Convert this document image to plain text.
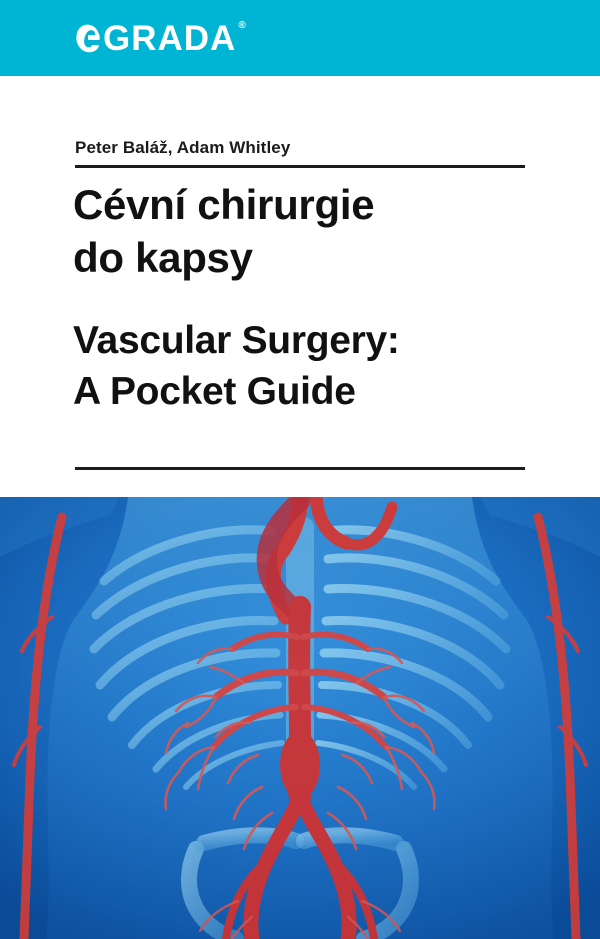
GRADA ®
Peter Baláž, Adam Whitley
Cévní chirurgie
do kapsy
Vascular Surgery:
A Pocket Guide
